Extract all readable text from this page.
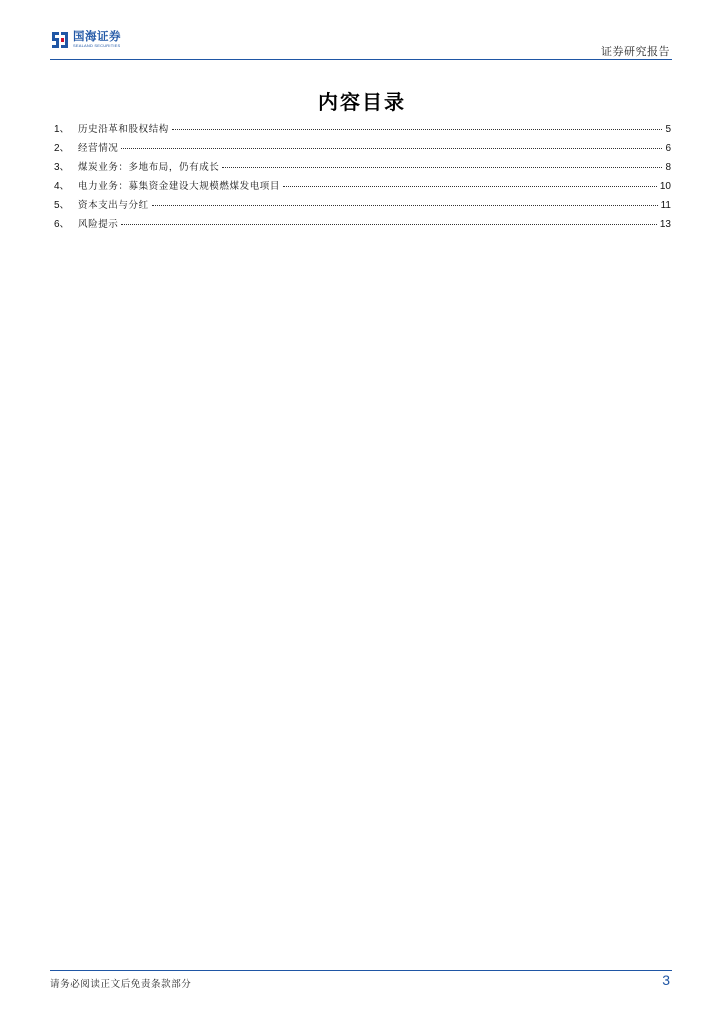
国海证券
SEALAND SECURITIES	证券研究报告
内容目录
1、 历史沿革和股权结构	5
2、 经营情况	6
3、 煤炭业务：多地布局，仍有成长	8
4、 电力业务：募集资金建设大规模燃煤发电项目	10
5、 资本支出与分红	11
6、 风险提示	13
请务必阅读正文后免责条款部分	3
